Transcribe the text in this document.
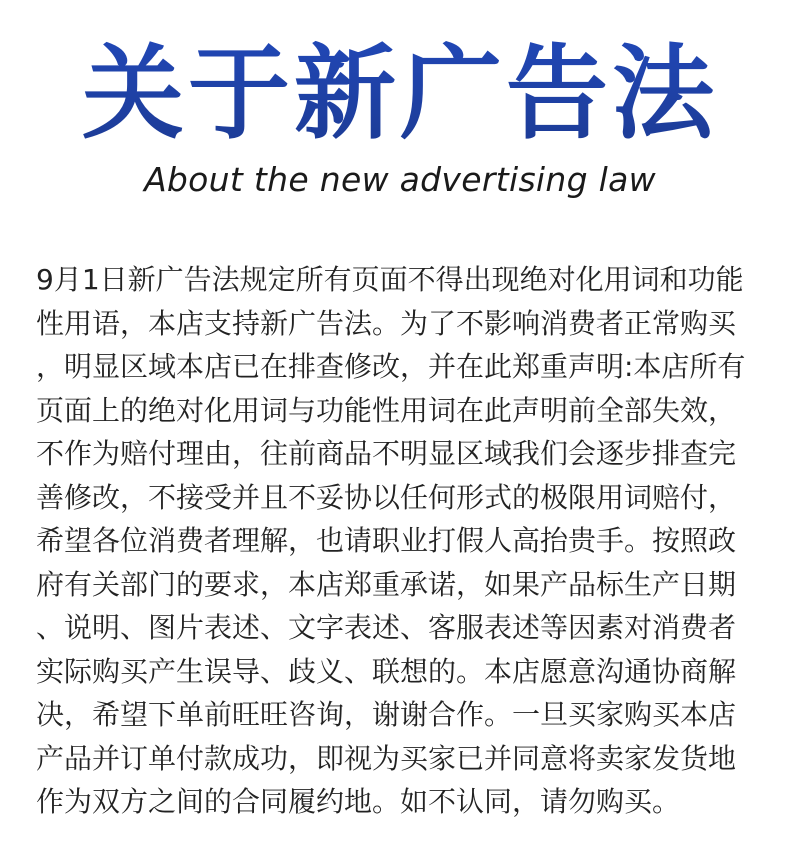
关于新广告法
About the new advertising law
9月1日新广告法规定所有页面不得出现绝对化用词和功能
性用语，本店支持新广告法。为了不影响消费者正常购买
，明显区域本店已在排查修改，并在此郑重声明:本店所有
页面上的绝对化用词与功能性用词在此声明前全部失效，
不作为赔付理由，往前商品不明显区域我们会逐步排查完
善修改，不接受并且不妥协以任何形式的极限用词赔付，
希望各位消费者理解，也请职业打假人高抬贵手。按照政
府有关部门的要求，本店郑重承诺，如果产品标生产日期
、说明、图片表述、文字表述、客服表述等因素对消费者
实际购买产生误导、歧义、联想的。本店愿意沟通协商解
决，希望下单前旺旺咨询，谢谢合作。一旦买家购买本店
产品并订单付款成功，即视为买家已并同意将卖家发货地
作为双方之间的合同履约地。如不认同，请勿购买。
